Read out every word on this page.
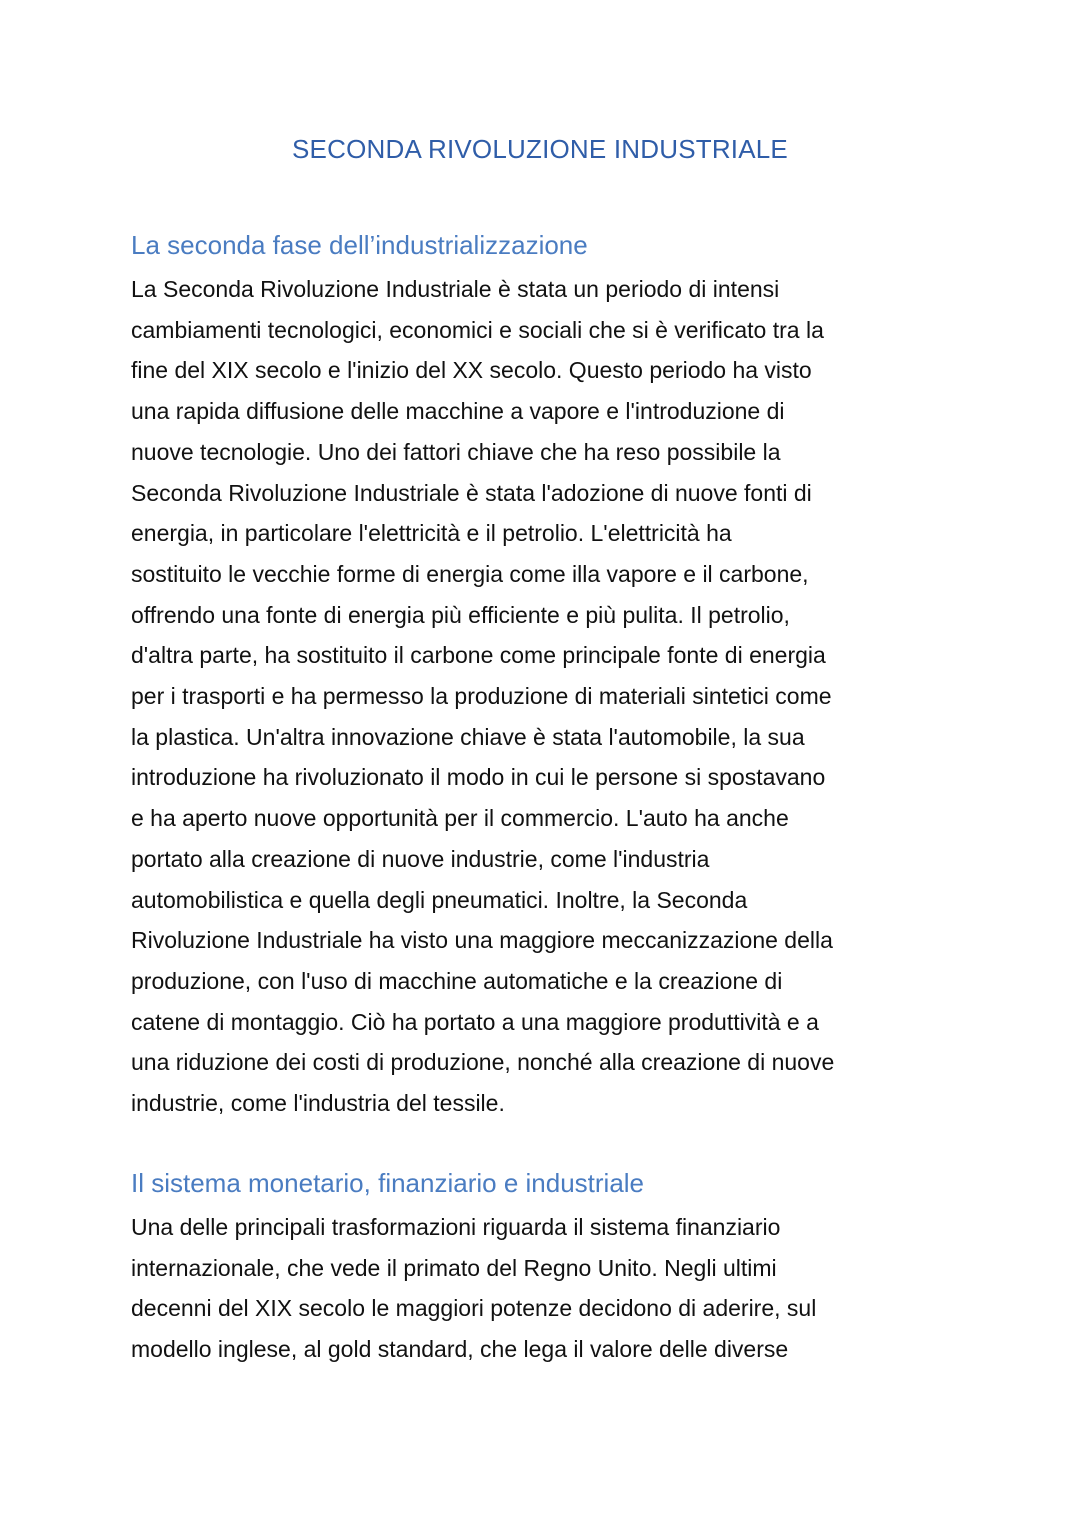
SECONDA RIVOLUZIONE INDUSTRIALE
La seconda fase dell’industrializzazione

La Seconda Rivoluzione Industriale è stata un periodo di intensi
cambiamenti tecnologici, economici e sociali che si è verificato tra la
fine del XIX secolo e l'inizio del XX secolo. Questo periodo ha visto
una rapida diffusione delle macchine a vapore e l'introduzione di
nuove tecnologie. Uno dei fattori chiave che ha reso possibile la
Seconda Rivoluzione Industriale è stata l'adozione di nuove fonti di
energia, in particolare l'elettricità e il petrolio. L'elettricità ha
sostituito le vecchie forme di energia come illa vapore e il carbone,
offrendo una fonte di energia più efficiente e più pulita. Il petrolio,
d'altra parte, ha sostituito il carbone come principale fonte di energia
per i trasporti e ha permesso la produzione di materiali sintetici come
la plastica. Un'altra innovazione chiave è stata l'automobile, la sua
introduzione ha rivoluzionato il modo in cui le persone si spostavano
e ha aperto nuove opportunità per il commercio. L'auto ha anche
portato alla creazione di nuove industrie, come l'industria
automobilistica e quella degli pneumatici. Inoltre, la Seconda
Rivoluzione Industriale ha visto una maggiore meccanizzazione della
produzione, con l'uso di macchine automatiche e la creazione di
catene di montaggio. Ciò ha portato a una maggiore produttività e a
una riduzione dei costi di produzione, nonché alla creazione di nuove
industrie, come l'industria del tessile.

Il sistema monetario, finanziario e industriale

Una delle principali trasformazioni riguarda il sistema finanziario
internazionale, che vede il primato del Regno Unito. Negli ultimi
decenni del XIX secolo le maggiori potenze decidono di aderire, sul
modello inglese, al gold standard, che lega il valore delle diverse
